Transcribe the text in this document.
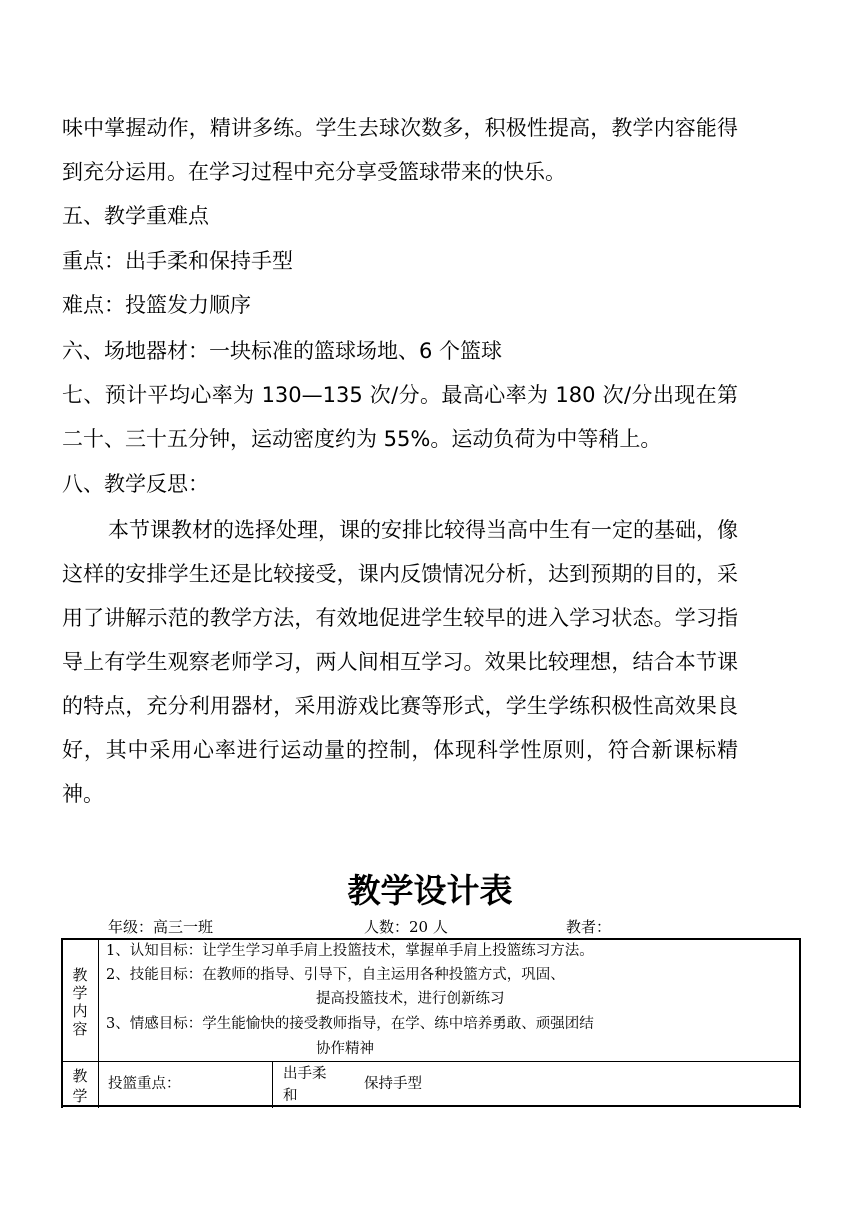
味中掌握动作，精讲多练。学生去球次数多，积极性提高，教学内容能得到充分运用。在学习过程中充分享受篮球带来的快乐。

五、教学重难点

重点：出手柔和保持手型

难点：投篮发力顺序

六、场地器材：一块标准的篮球场地、6 个篮球

七、预计平均心率为 130—135 次/分。最高心率为 180 次/分出现在第二十、三十五分钟，运动密度约为 55%。运动负荷为中等稍上。

八、教学反思：

本节课教材的选择处理，课的安排比较得当高中生有一定的基础，像这样的安排学生还是比较接受，课内反馈情况分析，达到预期的目的，采用了讲解示范的教学方法，有效地促进学生较早的进入学习状态。学习指导上有学生观察老师学习，两人间相互学习。效果比较理想，结合本节课的特点，充分利用器材，采用游戏比赛等形式，学生学练积极性高效果良好，其中采用心率进行运动量的控制，体现科学性原则，符合新课标精神。

教学设计表
年级：高三一班	人数：20 人	教者：
教学内容
1、认知目标：让学生学习单手肩上投篮技术，掌握单手肩上投篮练习方法。
2、技能目标：在教师的指导、引导下，自主运用各种投篮方式，巩固、
提高投篮技术，进行创新练习
3、情感目标：学生能愉快的接受教师指导，在学、练中培养勇敢、顽强团结
协作精神
教学
投篮重点：
出手柔
和
保持手型
